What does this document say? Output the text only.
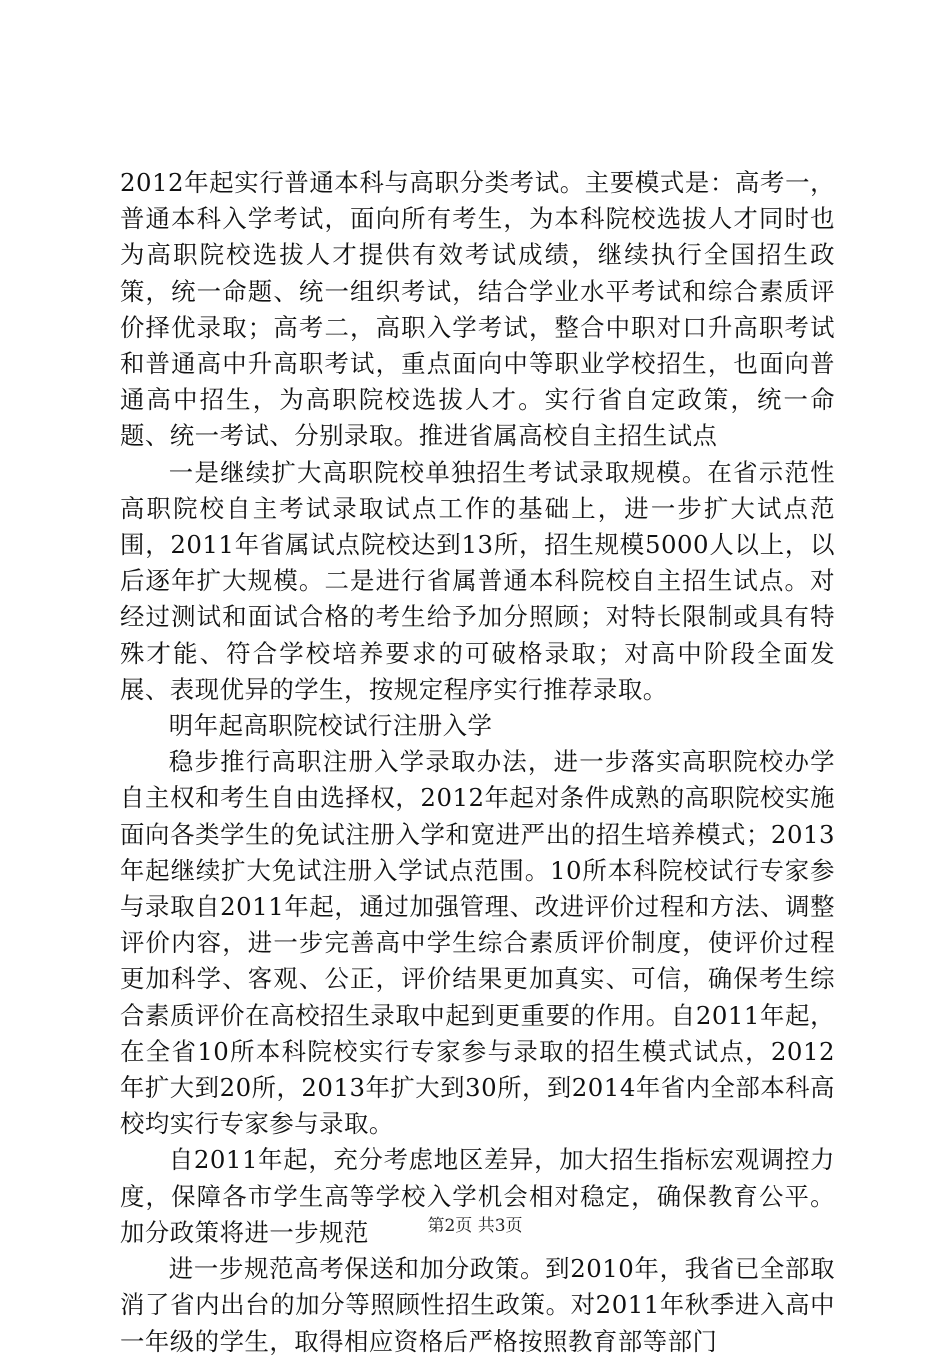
2012年起实行普通本科与高职分类考试。主要模式是：高考一，普通本科入学考试，面向所有考生，为本科院校选拔人才同时也为高职院校选拔人才提供有效考试成绩，继续执行全国招生政策，统一命题、统一组织考试，结合学业水平考试和综合素质评价择优录取；高考二，高职入学考试，整合中职对口升高职考试和普通高中升高职考试，重点面向中等职业学校招生，也面向普通高中招生，为高职院校选拔人才。实行省自定政策，统一命题、统一考试、分别录取。推进省属高校自主招生试点

一是继续扩大高职院校单独招生考试录取规模。在省示范性高职院校自主考试录取试点工作的基础上，进一步扩大试点范围，2011年省属试点院校达到13所，招生规模5000人以上，以后逐年扩大规模。二是进行省属普通本科院校自主招生试点。对经过测试和面试合格的考生给予加分照顾；对特长限制或具有特殊才能、符合学校培养要求的可破格录取；对高中阶段全面发展、表现优异的学生，按规定程序实行推荐录取。

明年起高职院校试行注册入学

稳步推行高职注册入学录取办法，进一步落实高职院校办学自主权和考生自由选择权，2012年起对条件成熟的高职院校实施面向各类学生的免试注册入学和宽进严出的招生培养模式；2013年起继续扩大免试注册入学试点范围。10所本科院校试行专家参与录取自2011年起，通过加强管理、改进评价过程和方法、调整评价内容，进一步完善高中学生综合素质评价制度，使评价过程更加科学、客观、公正，评价结果更加真实、可信，确保考生综合素质评价在高校招生录取中起到更重要的作用。自2011年起，在全省10所本科院校实行专家参与录取的招生模式试点，2012年扩大到20所，2013年扩大到30所，到2014年省内全部本科高校均实行专家参与录取。

自2011年起，充分考虑地区差异，加大招生指标宏观调控力度，保障各市学生高等学校入学机会相对稳定，确保教育公平。加分政策将进一步规范

进一步规范高考保送和加分政策。到2010年，我省已全部取消了省内出台的加分等照顾性招生政策。对2011年秋季进入高中一年级的学生，取得相应资格后严格按照教育部等部门

第2页 共3页
